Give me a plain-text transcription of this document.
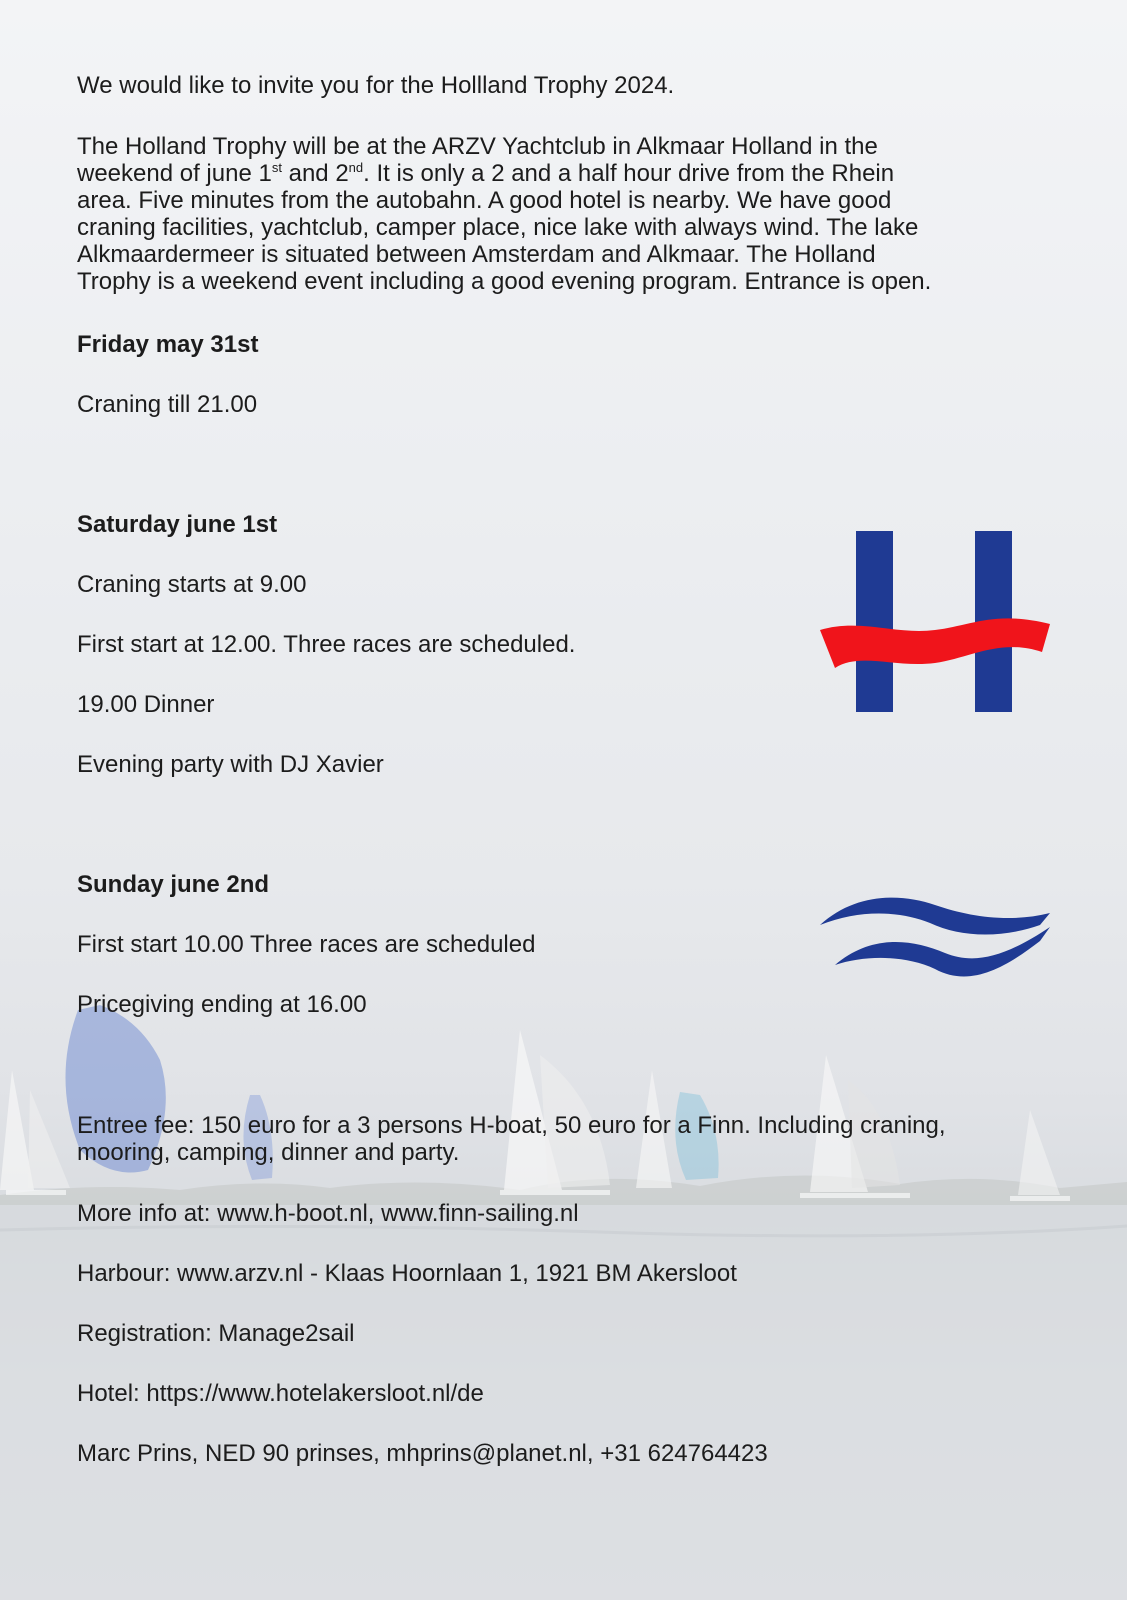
We would like to invite you for the Hollland Trophy 2024.

The Holland Trophy will be at the ARZV Yachtclub in Alkmaar Holland in the

weekend of june 1st and 2nd. It is only a 2 and a half hour drive from the Rhein

area. Five minutes from the autobahn. A good hotel is nearby. We have good

craning facilities, yachtclub, camper place, nice lake with always wind. The lake

Alkmaardermeer is situated between Amsterdam and Alkmaar. The Holland

Trophy is a weekend event including a good evening program. Entrance is open.

Friday may 31st

Craning till 21.00

Saturday june 1st

Craning starts at 9.00

First start at 12.00. Three races are scheduled.

19.00 Dinner

Evening party with DJ Xavier

Sunday june 2nd

First start 10.00 Three races are scheduled

Pricegiving ending at 16.00

Entree fee: 150 euro for a 3 persons H-boat, 50 euro for a Finn. Including craning,

mooring, camping, dinner and party.

More info at: www.h-boot.nl, www.finn-sailing.nl

Harbour: www.arzv.nl - Klaas Hoornlaan 1, 1921 BM Akersloot

Registration: Manage2sail

Hotel: https://www.hotelakersloot.nl/de

Marc Prins, NED 90 prinses, mhprins@planet.nl, +31 624764423
